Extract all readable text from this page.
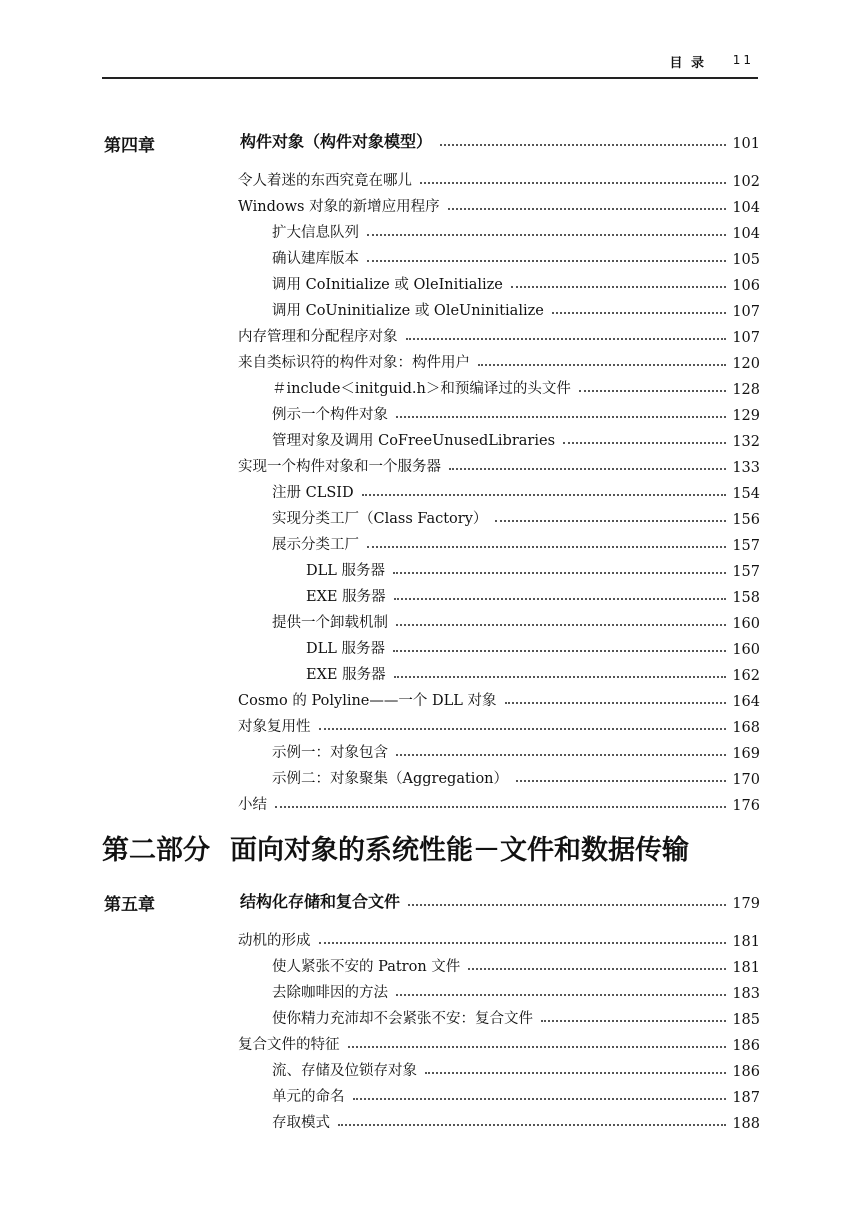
目 录 11
第四章	构件对象（构件对象模型）	101
令人着迷的东西究竟在哪儿	102
Windows 对象的新增应用程序	104
扩大信息队列	104
确认建库版本	105
调用 CoInitialize 或 OleInitialize	106
调用 CoUninitialize 或 OleUninitialize	107
内存管理和分配程序对象	107
来自类标识符的构件对象：构件用户	120
＃include＜initguid.h＞和预编译过的头文件	128
例示一个构件对象	129
管理对象及调用 CoFreeUnusedLibraries	132
实现一个构件对象和一个服务器	133
注册 CLSID	154
实现分类工厂（Class Factory）	156
展示分类工厂	157
DLL 服务器	157
EXE 服务器	158
提供一个卸载机制	160
DLL 服务器	160
EXE 服务器	162
Cosmo 的 Polyline——一个 DLL 对象	164
对象复用性	168
示例一：对象包含	169
示例二：对象聚集（Aggregation）	170
小结	176
第二部分 面向对象的系统性能－文件和数据传输
第五章	结构化存储和复合文件	179
动机的形成	181
使人紧张不安的 Patron 文件	181
去除咖啡因的方法	183
使你精力充沛却不会紧张不安：复合文件	185
复合文件的特征	186
流、存储及位锁存对象	186
单元的命名	187
存取模式	188
